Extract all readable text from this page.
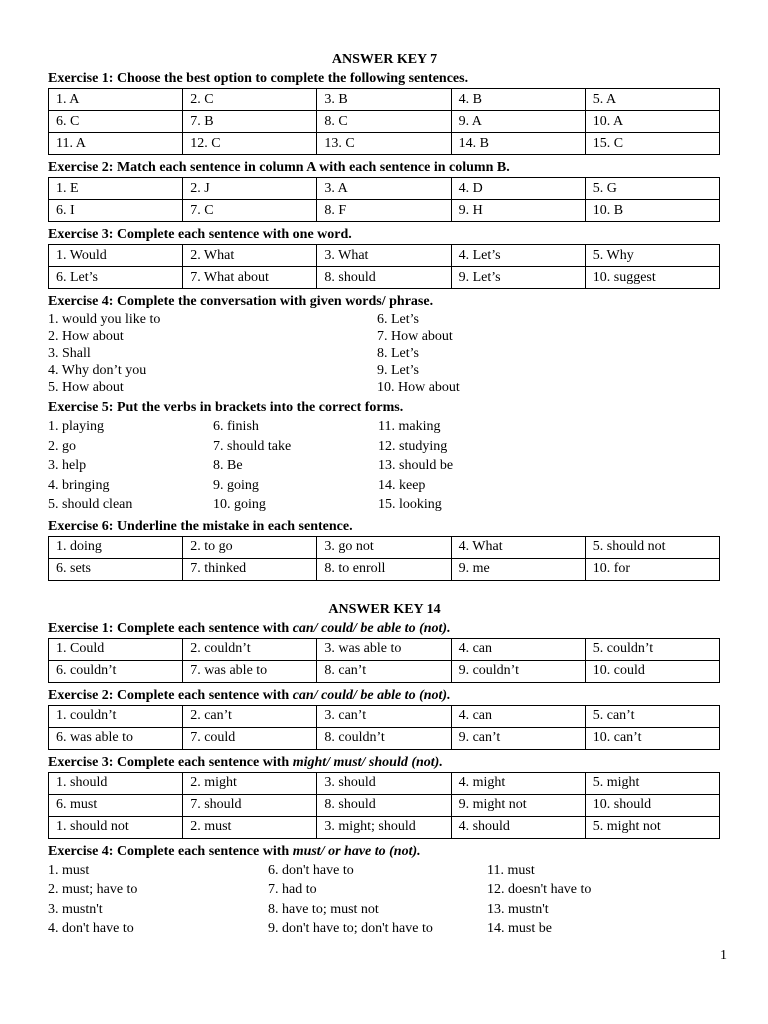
ANSWER KEY 7
Exercise 1: Choose the best option to complete the following sentences.
1. A	2. C	3. B	4. B	5. A
6. C	7. B	8. C	9. A	10. A
11. A	12. C	13. C	14. B	15. C
Exercise 2: Match each sentence in column A with each sentence in column B.
1. E	2. J	3. A	4. D	5. G
6. I	7. C	8. F	9. H	10. B
Exercise 3: Complete each sentence with one word.
1. Would	2. What	3. What	4. Let’s	5. Why
6. Let’s	7. What about	8. should	9. Let’s	10. suggest
Exercise 4: Complete the conversation with given words/ phrase.
1. would you like to	6. Let’s
2. How about	7. How about
3. Shall	8. Let’s
4. Why don’t you	9. Let’s
5. How about	10. How about
Exercise 5: Put the verbs in brackets into the correct forms.
1. playing	6. finish	11. making
2. go	7. should take	12. studying
3. help	8. Be	13. should be
4. bringing	9. going	14. keep
5. should clean	10. going	15. looking
Exercise 6: Underline the mistake in each sentence.
1. doing	2. to go	3. go not	4. What	5. should not
6. sets	7. thinked	8. to enroll	9. me	10. for
ANSWER KEY 14
Exercise 1: Complete each sentence with can/ could/ be able to (not).
1. Could	2. couldn’t	3. was able to	4. can	5. couldn’t
6. couldn’t	7. was able to	8. can’t	9. couldn’t	10. could
Exercise 2: Complete each sentence with can/ could/ be able to (not).
1. couldn’t	2. can’t	3. can’t	4. can	5. can’t
6. was able to	7. could	8. couldn’t	9. can’t	10. can’t
Exercise 3: Complete each sentence with might/ must/ should (not).
1. should	2. might	3. should	4. might	5. might
6. must	7. should	8. should	9. might not	10. should
1. should not	2. must	3. might; should	4. should	5. might not
Exercise 4: Complete each sentence with must/ or have to (not).
1. must	6. don't have to	11. must
2. must; have to	7. had to	12. doesn't have to
3. mustn't	8. have to; must not	13. mustn't
4. don't have to	9. don't have to; don't have to	14. must be
1
